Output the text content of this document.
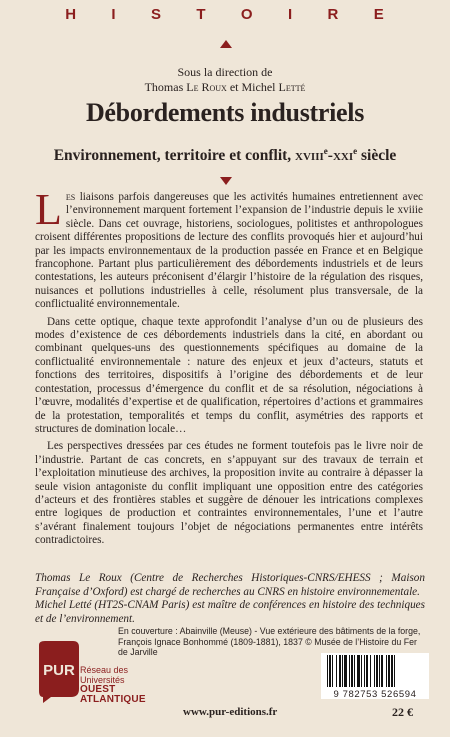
H I S T O I R E
Sous la direction de
Thomas Le Roux et Michel Letté
Débordements industriels
Environnement, territoire et conflit, xviii$^e$-xxi$^e$ siècle

Les liaisons parfois dangereuses que les activités humaines entretiennent avec l’environnement marquent fortement l’expansion de l’industrie depuis le xviiie siècle. Dans cet ouvrage, historiens, sociologues, politistes et anthropologues croisent différentes propositions de lecture des conflits provoqués hier et aujourd’hui par les impacts environnementaux de la production passée en France et en Belgique francophone. Partant plus particulièrement des débordements industriels et de leurs contestations, les auteurs préconisent d’élargir l’histoire de la régulation des risques, nuisances et pollutions industrielles à celle, résolument plus transversale, de la conflictualité environnementale.

Dans cette optique, chaque texte approfondit l’analyse d’un ou de plusieurs des modes d’existence de ces débordements industriels dans la cité, en abordant ou combinant quelques-uns des questionnements spécifiques au domaine de la conflictualité environnementale : nature des enjeux et jeux d’acteurs, statuts et fonctions des territoires, dispositifs à l’origine des débordements et de leur contestation, processus d’émergence du conflit et de sa résolution, négociations à l’œuvre, modalités d’expertise et de qualification, répertoires d’actions et grammaires de la protestation, temporalités et temps du conflit, asymétries des rapports et structures de domination locale…

Les perspectives dressées par ces études ne forment toutefois pas le livre noir de l’industrie. Partant de cas concrets, en s’appuyant sur des travaux de terrain et l’exploitation minutieuse des archives, la proposition invite au contraire à dépasser la seule vision antagoniste du conflit impliquant une opposition entre des catégories d’acteurs et des frontières stables et suggère de dénouer les intrications complexes entre logiques de production et contraintes environnementales, l’une et l’autre s’avérant finalement toujours l’objet de négociations permanentes entre intérêts contradictoires.

Thomas Le Roux (Centre de Recherches Historiques-CNRS/EHESS ; Maison Française d’Oxford) est chargé de recherches au CNRS en histoire environnementale.

Michel Letté (HT2S-CNAM Paris) est maître de conférences en histoire des techniques et de l’environnement.

En couverture : Abainville (Meuse) - Vue extérieure des bâtiments de la forge,
François Ignace Bonhommé (1809-1881), 1837 © Musée de l’Histoire du Fer de Jarville
PUR Réseau des Universités
OUEST ATLANTIQUE	9 782753 526594
www.pur-editions.fr	22 €
